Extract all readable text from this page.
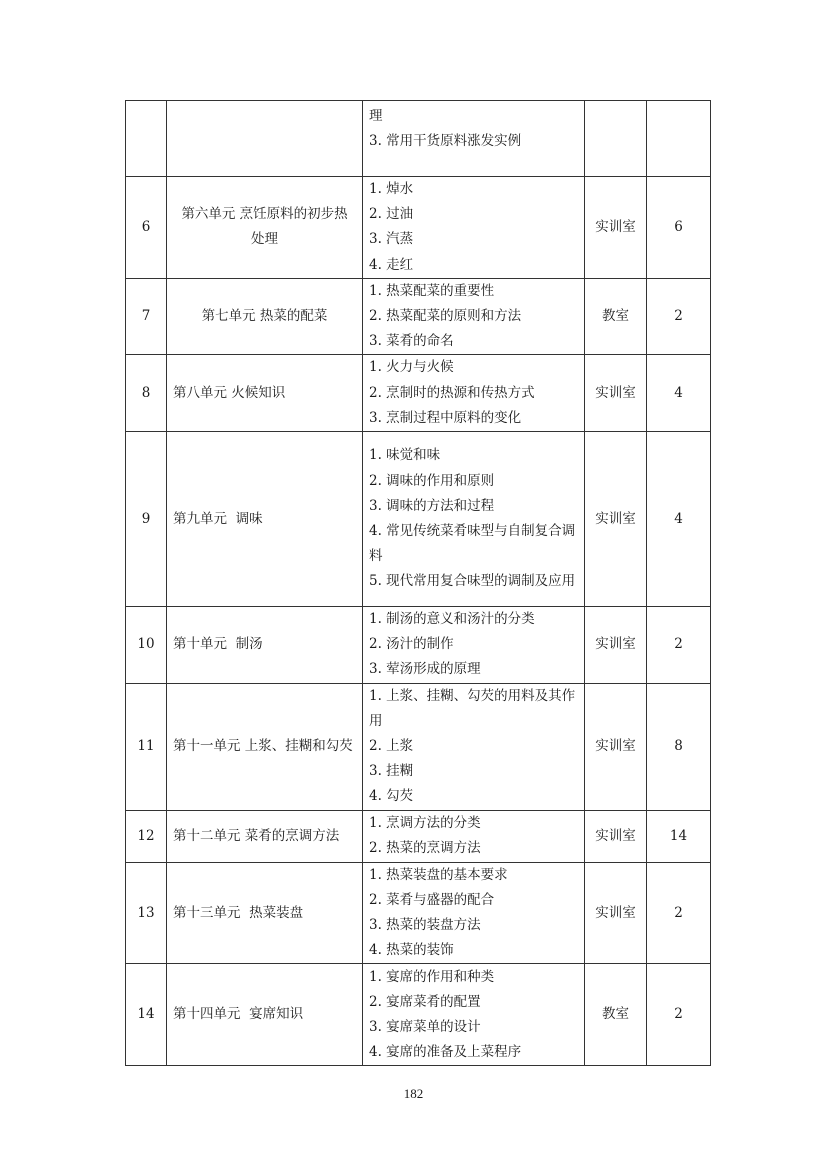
		理
3. 常用干货原料涨发实例		

6	第六单元 烹饪原料的初步热处理	1. 焯水
2. 过油
3. 汽蒸
4. 走红	实训室	6
7	第七单元 热菜的配菜	1. 热菜配菜的重要性
2. 热菜配菜的原则和方法
3. 菜肴的命名	教室	2
8	第八单元 火候知识	1. 火力与火候
2. 烹制时的热源和传热方式
3. 烹制过程中原料的变化	实训室	4
9	第九单元  调味	1. 味觉和味
2. 调味的作用和原则
3. 调味的方法和过程
4. 常见传统菜肴味型与自制复合调料
5. 现代常用复合味型的调制及应用	实训室	4
10	第十单元  制汤	1. 制汤的意义和汤汁的分类
2. 汤汁的制作
3. 荤汤形成的原理	实训室	2
11	第十一单元 上浆、挂糊和勾芡	1. 上浆、挂糊、勾芡的用料及其作用
2. 上浆
3. 挂糊
4. 勾芡	实训室	8
12	第十二单元 菜肴的烹调方法	1. 烹调方法的分类
2. 热菜的烹调方法	实训室	14
13	第十三单元  热菜装盘	1. 热菜装盘的基本要求
2. 菜肴与盛器的配合
3. 热菜的装盘方法
4. 热菜的装饰	实训室	2
14	第十四单元  宴席知识	1. 宴席的作用和种类
2. 宴席菜肴的配置
3. 宴席菜单的设计
4. 宴席的准备及上菜程序	教室	2
182
